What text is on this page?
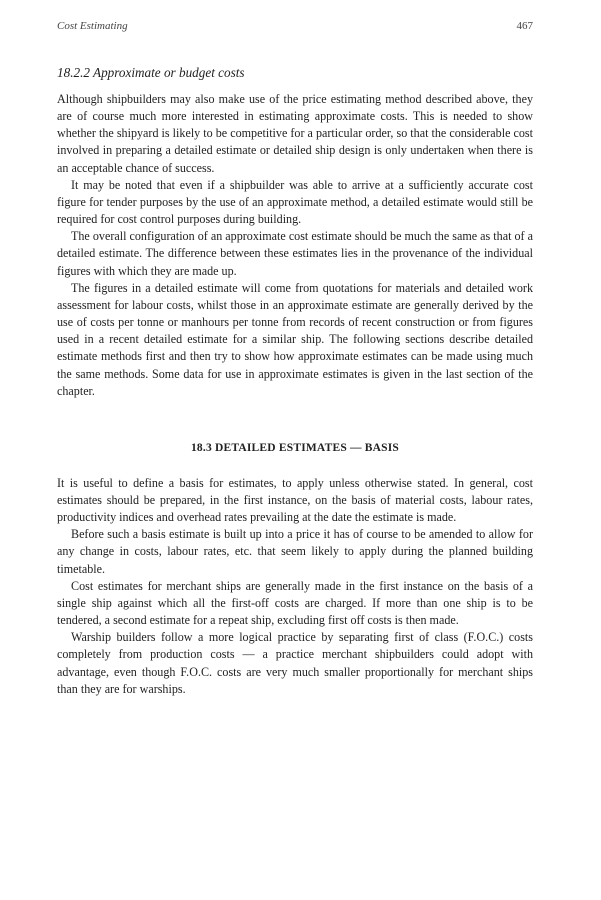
Cost Estimating	467
18.2.2 Approximate or budget costs

Although shipbuilders may also make use of the price estimating method described above, they are of course much more interested in estimating approximate costs. This is needed to show whether the shipyard is likely to be competitive for a particular order, so that the considerable cost involved in preparing a detailed estimate or detailed ship design is only undertaken when there is an acceptable chance of success.

It may be noted that even if a shipbuilder was able to arrive at a sufficiently accurate cost figure for tender purposes by the use of an approximate method, a detailed estimate would still be required for cost control purposes during building.

The overall configuration of an approximate cost estimate should be much the same as that of a detailed estimate. The difference between these estimates lies in the provenance of the individual figures with which they are made up.

The figures in a detailed estimate will come from quotations for materials and detailed work assessment for labour costs, whilst those in an approximate estimate are generally derived by the use of costs per tonne or manhours per tonne from records of recent construction or from figures used in a recent detailed estimate for a similar ship. The following sections describe detailed estimate methods first and then try to show how approximate estimates can be made using much the same methods. Some data for use in approximate estimates is given in the last section of the chapter.

18.3 DETAILED ESTIMATES — BASIS

It is useful to define a basis for estimates, to apply unless otherwise stated. In general, cost estimates should be prepared, in the first instance, on the basis of material costs, labour rates, productivity indices and overhead rates prevailing at the date the estimate is made.

Before such a basis estimate is built up into a price it has of course to be amended to allow for any change in costs, labour rates, etc. that seem likely to apply during the planned building timetable.

Cost estimates for merchant ships are generally made in the first instance on the basis of a single ship against which all the first-off costs are charged. If more than one ship is to be tendered, a second estimate for a repeat ship, excluding first off costs is then made.

Warship builders follow a more logical practice by separating first of class (F.O.C.) costs completely from production costs — a practice merchant shipbuilders could adopt with advantage, even though F.O.C. costs are very much smaller proportionally for merchant ships than they are for warships.
